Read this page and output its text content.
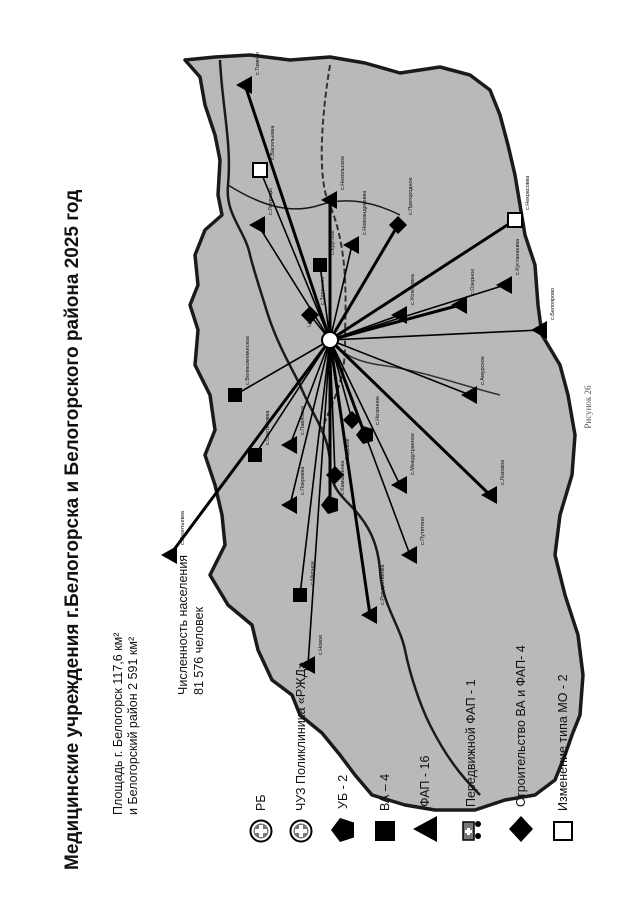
Рисунок 26
с.Томичи
с.Васильевка
с.Лохвицы
с.Никольское
с.Круглое
с.Новоандреевка	с.Пригородное
с.Успеновка
с.Кустанаевка
с.Некрасовка
с.Белоярово
с.Амурское
с.Озерное
с.Заречное
с.Павловка	с.Низинное
с.Великокняжеское
с.Междугранное	с.Лозовое
с.Садовое
с.Путятино
с.Камышенка
с.Светиловка
с.Покровка
с.Рождественка
с.Мирное
с.Новое
с.Леонтьевка
ЧУЗ
Медицинские учреждения г.Белогорска и Белогорского района 2025 год Площадь г. Белогорск 117,6 км² и Белогорский район 2 591 км²
Численность населения 81 576 человек
РБ ЧУЗ Поликлиника «РЖД» УБ - 2 ВА – 4 ФАП - 16	Передвижной ФАП - 1	Строительство ВА и ФАП- 4 Изменение типа МО - 2
